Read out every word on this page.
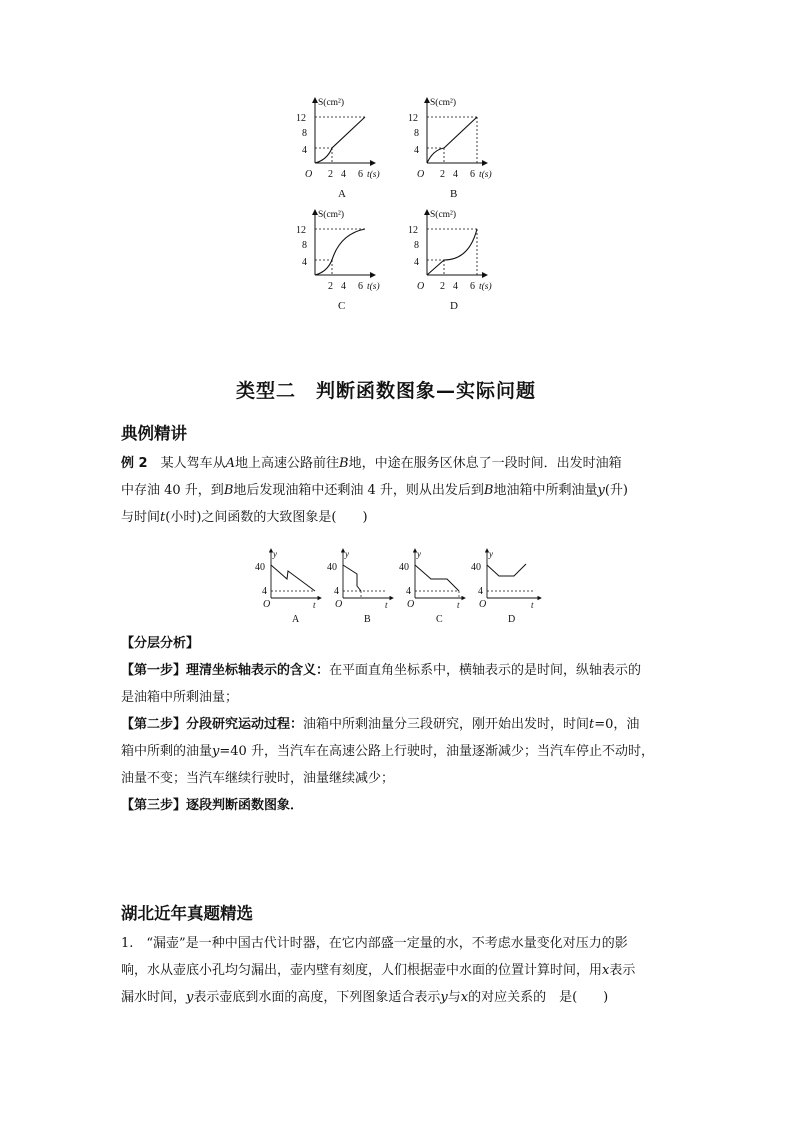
S(cm²)
12
8
4
O 2 4 6 t(s)
A
S(cm²)
12
8
4
O 2 4 6 t(s)
B
S(cm²)
12
8
4
2 4 6 t(s)
C
S(cm²)
12
8
4
O 2 4 6 t(s)
D
类型二　判断函数图象—实际问题
典例精讲
例 2　 某人驾车从A地上高速公路前往B地，中途在服务区休息了一段时间．出发时油箱
中存油 40 升，到B地后发现油箱中还剩油 4 升，则从出发后到B地油箱中所剩油量y(升)
与时间t(小时)之间函数的大致图象是(　　)
y
40
4
O	t
A
y
40
4
O	t
B
y
40
4
O	t
C
y
40
4
O	t
D
【分层分析】
【第一步】理清坐标轴表示的含义：在平面直角坐标系中，横轴表示的是时间，纵轴表示的
是油箱中所剩油量；
【第二步】分段研究运动过程：油箱中所剩油量分三段研究，刚开始出发时，时间t=0，油
箱中所剩的油量y=40 升，当汽车在高速公路上行驶时，油量逐渐减少；当汽车停止不动时，
油量不变；当汽车继续行驶时，油量继续减少；
【第三步】逐段判断函数图象．
湖北近年真题精选
1.　“漏壶”是一种中国古代计时器，在它内部盛一定量的水，不考虑水量变化对压力的影
响，水从壶底小孔均匀漏出，壶内壁有刻度，人们根据壶中水面的位置计算时间，用x表示
漏水时间，y表示壶底到水面的高度，下列图象适合表示y与x的对应关系的　是(　　)
